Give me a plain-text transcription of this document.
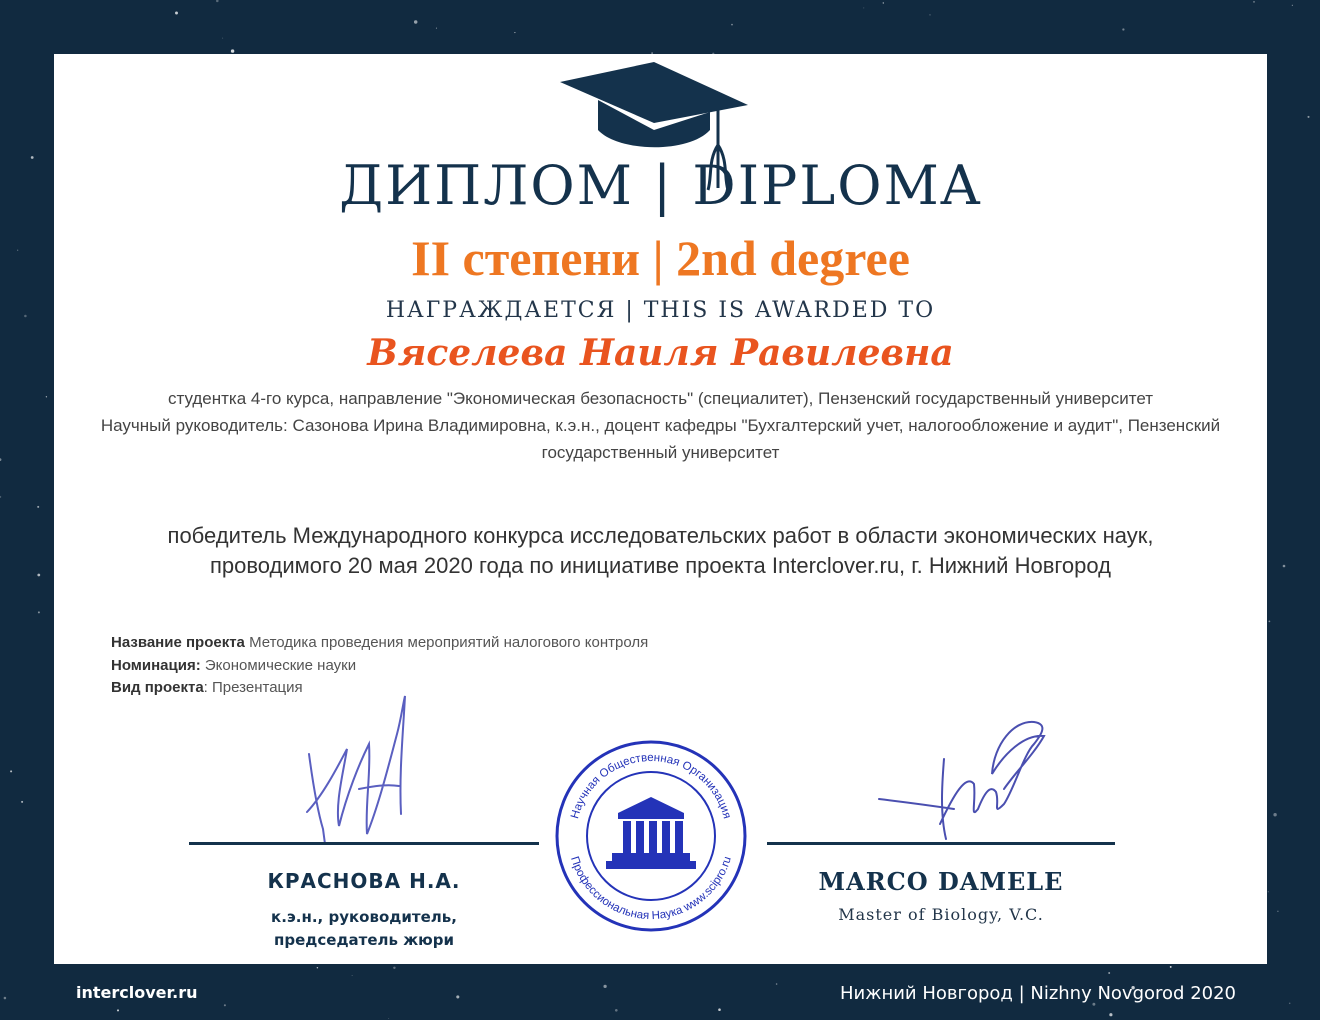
ДИПЛОМ | DIPLOMA
II степени | 2nd degree
НАГРАЖДАЕТСЯ | THIS IS AWARDED TO
Вяселева Наиля Равилевна

студентка 4-го курса, направление "Экономическая безопасность" (специалитет), Пензенский государственный университет

Научный руководитель: Сазонова Ирина Владимировна, к.э.н., доцент кафедры "Бухгалтерский учет, налогообложение и аудит", Пензенский государственный университет

победитель Международного конкурса исследовательских работ в области экономических наук, проводимого 20 мая 2020 года по инициативе проекта Interclover.ru, г. Нижний Новгород
Название проекта Методика проведения мероприятий налогового контроля
Номинация: Экономические науки
Вид проекта: Презентация
Научная Общественная Организация
Профессиональная Наука www.scipro.ru
КРАСНОВА Н.А.

к.э.н., руководитель,

председатель жюри

MARCO DAMELE
Master of Biology, V.C.
interclover.ru	Нижний Новгород | Nizhny Novgorod 2020
